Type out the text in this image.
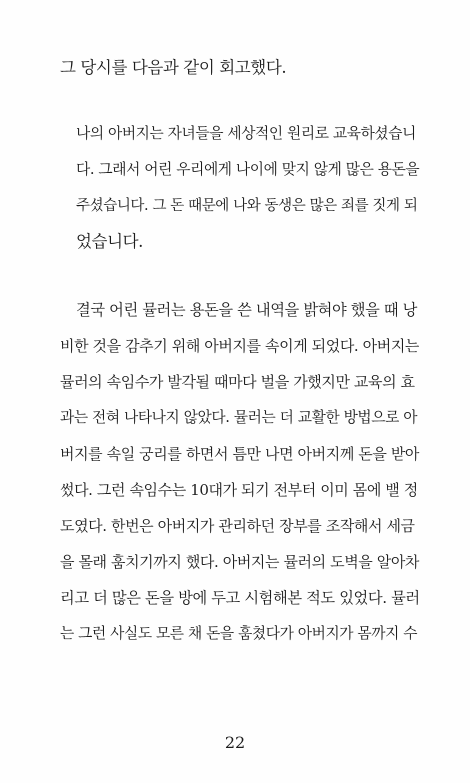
그 당시를 다음과 같이 회고했다.
나의 아버지는 자녀들을 세상적인 원리로 교육하셨습니
다. 그래서 어린 우리에게 나이에 맞지 않게 많은 용돈을
주셨습니다. 그 돈 때문에 나와 동생은 많은 죄를 짓게 되
었습니다.
결국 어린 뮬러는 용돈을 쓴 내역을 밝혀야 했을 때 낭
비한 것을 감추기 위해 아버지를 속이게 되었다. 아버지는
뮬러의 속임수가 발각될 때마다 벌을 가했지만 교육의 효
과는 전혀 나타나지 않았다. 뮬러는 더 교활한 방법으로 아
버지를 속일 궁리를 하면서 틈만 나면 아버지께 돈을 받아
썼다. 그런 속임수는 10대가 되기 전부터 이미 몸에 밸 정
도였다. 한번은 아버지가 관리하던 장부를 조작해서 세금
을 몰래 훔치기까지 했다. 아버지는 뮬러의 도벽을 알아차
리고 더 많은 돈을 방에 두고 시험해본 적도 있었다. 뮬러
는 그런 사실도 모른 채 돈을 훔쳤다가 아버지가 몸까지 수
22
